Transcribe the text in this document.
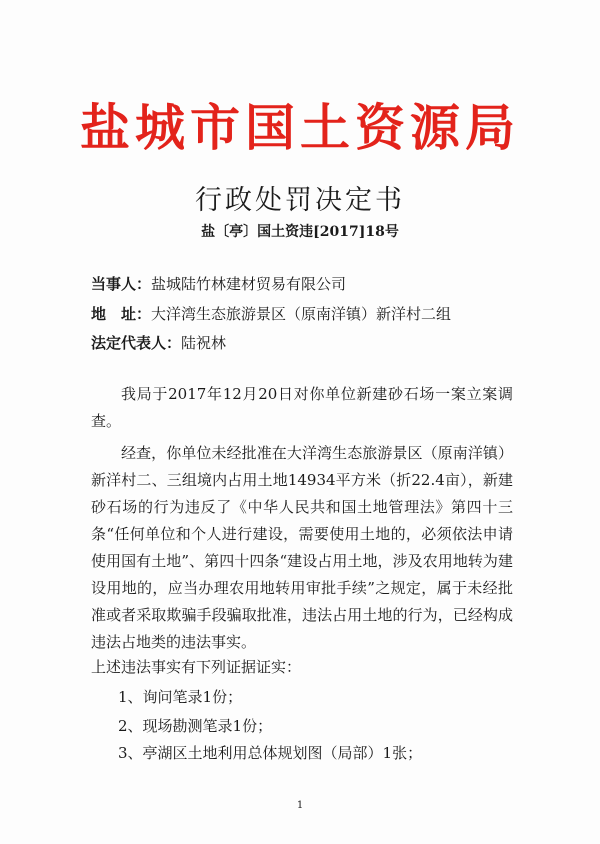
盐城市国土资源局
行政处罚决定书
盐〔亭〕国土资违[2017]18号
当事人：盐城陆竹林建材贸易有限公司
地　址：大洋湾生态旅游景区（原南洋镇）新洋村二组
法定代表人：陆祝林

我局于2017年12月20日对你单位新建砂石场一案立案调查。

经查，你单位未经批准在大洋湾生态旅游景区（原南洋镇）新洋村二、三组境内占用土地14934平方米（折22.4亩），新建砂石场的行为违反了《中华人民共和国土地管理法》第四十三条“任何单位和个人进行建设，需要使用土地的，必须依法申请使用国有土地”、第四十四条“建设占用土地，涉及农用地转为建设用地的，应当办理农用地转用审批手续”之规定，属于未经批准或者采取欺骗手段骗取批准，违法占用土地的行为，已经构成违法占地类的违法事实。

上述违法事实有下列证据证实：
1、询问笔录1份；
2、现场勘测笔录1份；
3、亭湖区土地利用总体规划图（局部）1张；
1
